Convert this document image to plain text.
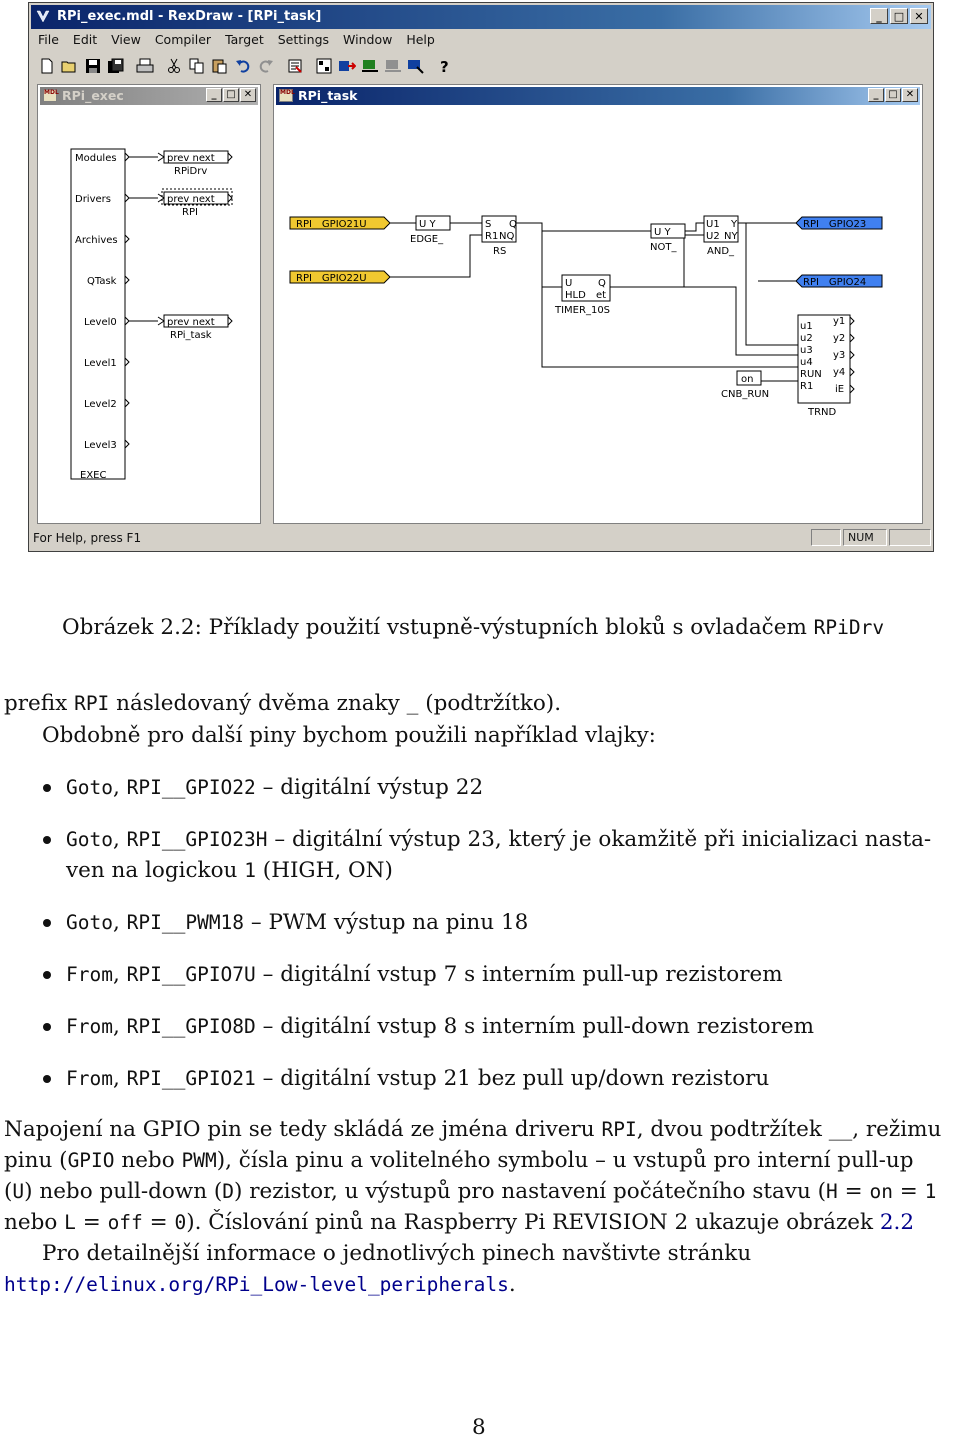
RPi_exec.mdl - RexDraw - [RPi_task]	_	□ ✕
File	Edit	View	Compiler	Target	Settings	Window	Help
?
MDL RPi_exec	_ □ ✕
Modules
Drivers
Archives
QTask
Level0
Level1
Level2
Level3
EXEC
prev next
RPiDrv
prev next
RPI
prev next
RPi_task
MDL RPi_task	_ □ ✕
RPI__GPIO21U
RPI__GPIO22U
U Y
EDGE_
S
R1
Q
NQ
RS
U Y
NOT_
U1
U2
Y
NY
AND_
U
HLD
Q
et
TIMER_10S
RPI__GPIO23
RPI__GPIO24
on
CNB_RUN
u1
u2
u3
u4
RUN
R1
y1
y2
y3
y4
iE
TRND
For Help, press F1	NUM
Obrázek 2.2: Příklady použití vstupně-výstupních bloků s ovladačem RPiDrv
prefix RPI následovaný dvěma znaky _ (podtržítko).
Obdobně pro další piny bychom použili například vlajky:
Goto, RPI__GPIO22 – digitální výstup 22
Goto, RPI__GPIO23H – digitální výstup 23, který je okamžitě při inicializaci nasta-
ven na logickou 1 (HIGH, ON)
Goto, RPI__PWM18 – PWM výstup na pinu 18
From, RPI__GPIO7U – digitální vstup 7 s interním pull-up rezistorem
From, RPI__GPIO8D – digitální vstup 8 s interním pull-down rezistorem
From, RPI__GPIO21 – digitální vstup 21 bez pull up/down rezistoru
Napojení na GPIO pin se tedy skládá ze jména driveru RPI, dvou podtržítek __, režimu
pinu (GPIO nebo PWM), čísla pinu a volitelného symbolu – u vstupů pro interní pull-up
(U) nebo pull-down (D) rezistor, u výstupů pro nastavení počátečního stavu (H = on = 1
nebo L = off = 0). Číslování pinů na Raspberry Pi REVISION 2 ukazuje obrázek 2.2
Pro detailnější informace o jednotlivých pinech navštivte stránku
http://elinux.org/RPi_Low-level_peripherals.
8
